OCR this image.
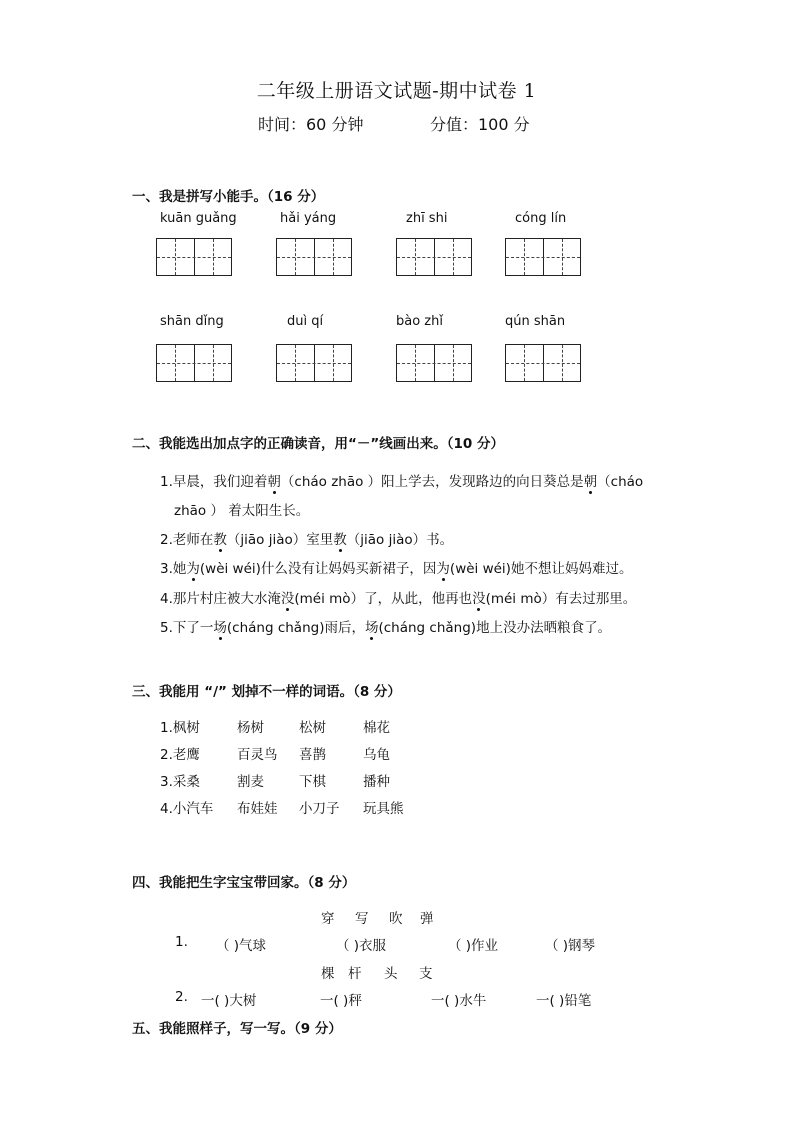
二年级上册语文试题-期中试卷 1
时间：60 分钟	分值：100 分
一、我是拼写小能手。（16 分）
kuān guǎng	hǎi yáng	zhī shi	cóng lín
shān dǐng	duì qí	bào zhǐ	qún shān
二、我能选出加点字的正确读音，用“－”线画出来。（10 分）
1.早晨，我们迎着朝（cháo zhāo ）阳上学去，发现路边的向日葵总是朝（cháo
zhāo ） 着太阳生长。
2.老师在教（jiāo jiào）室里教（jiāo jiào）书。
3.她为(wèi wéi)什么没有让妈妈买新裙子，因为(wèi wéi)她不想让妈妈难过。
4.那片村庄被大水淹没(méi mò）了，从此，他再也没(méi mò）有去过那里。
5.下了一场(cháng chǎng)雨后，场(cháng chǎng)地上没办法晒粮食了。
三、我能用 “/” 划掉不一样的词语。（8 分）
1.枫树	杨树	松树	棉花
2.老鹰	百灵鸟 喜鹊	乌龟
3.采桑	割麦	下棋	播种
4.小汽车 布娃娃 小刀子 玩具熊
四、我能把生字宝宝带回家。（8 分）
穿 写 吹 弹
1. （ )气球	（ )衣服	（ )作业	（ )钢琴
棵 杆 头 支
2. 一( )大树	一( )秤	一( )水牛	一( )铅笔
五、我能照样子，写一写。（9 分）
